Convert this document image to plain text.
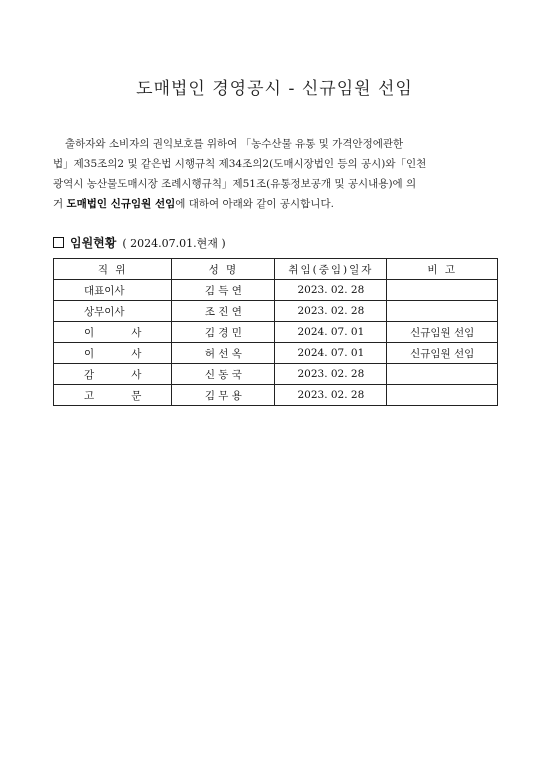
도매법인 경영공시 - 신규임원 선임
출하자와 소비자의 권익보호를 위하여 「농수산물 유통 및 가격안정에관한
법」제35조의2 및 같은법 시행규칙 제34조의2(도매시장법인 등의 공시)와「인천
광역시 농산물도매시장 조례시행규칙」제51조(유통정보공개 및 공시내용)에 의
거 도매법인 신규임원 선임에 대하여 아래와 같이 공시합니다.
임원현황 ( 2024.07.01.현재 )
직 위	성 명	취임(중임)일자	비 고
대표이사	김 득 연	2023. 02. 28	
상무이사	조 진 연	2023. 02. 28	
이 사	김 경 민	2024. 07. 01	신규임원 선임
이 사	허 선 옥	2024. 07. 01	신규임원 선임
감 사	신 동 국	2023. 02. 28	
고 문	김 무 용	2023. 02. 28	
